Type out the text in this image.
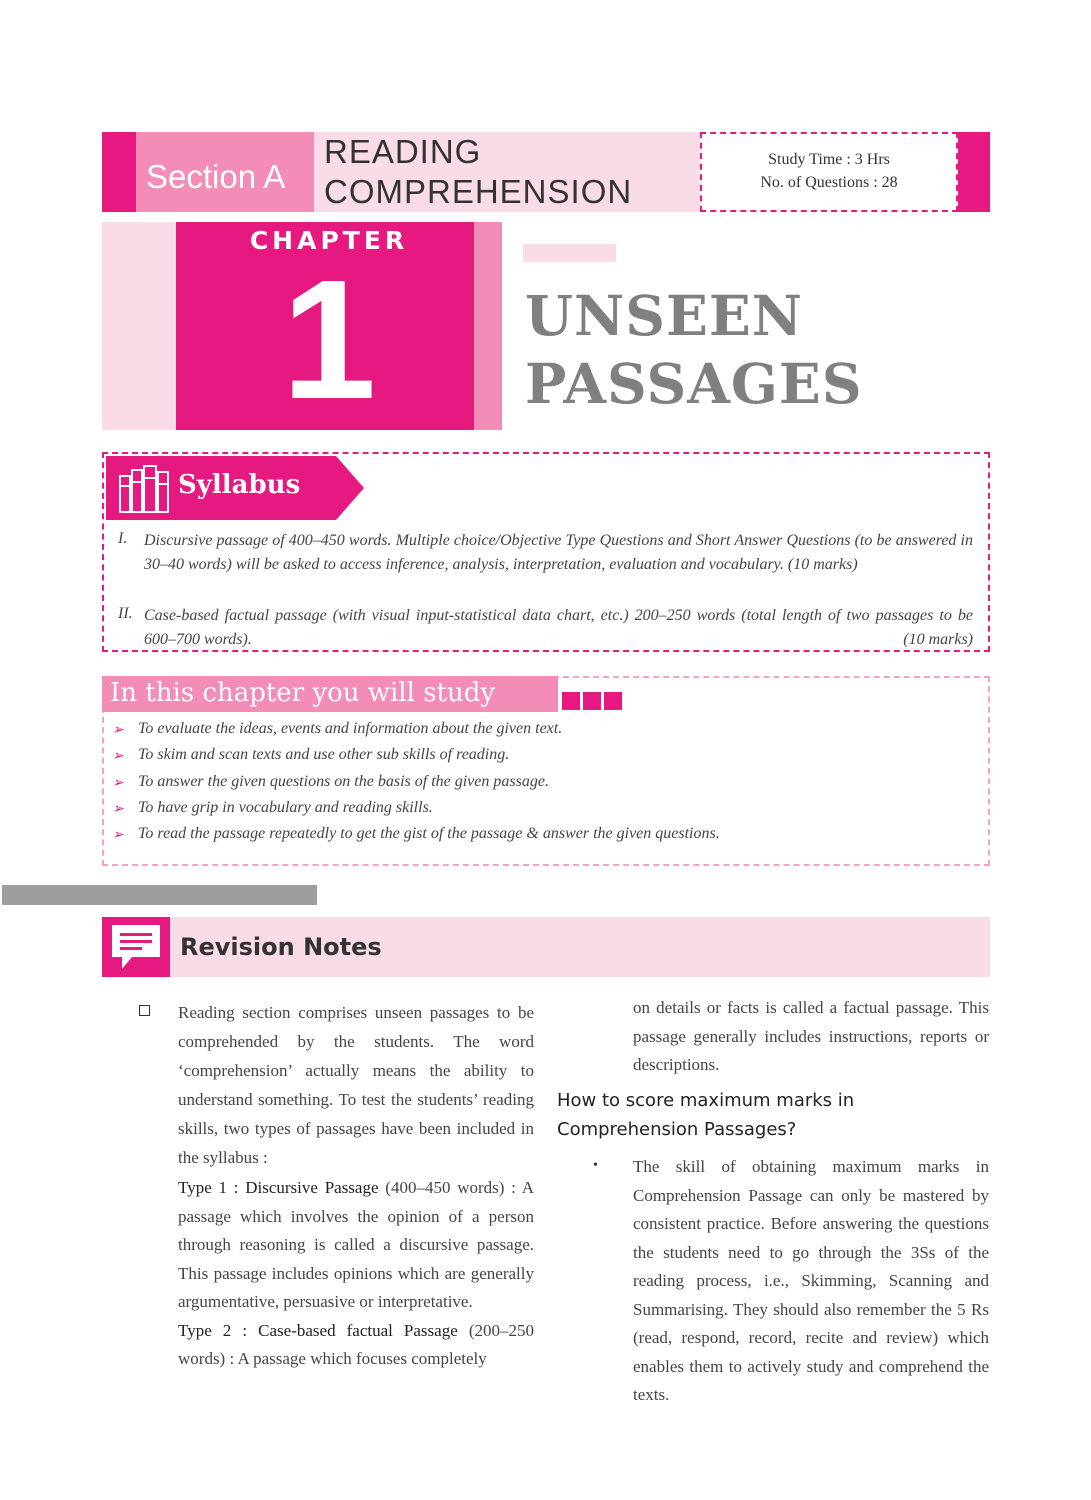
Section A
READING
COMPREHENSION
Study Time : 3 Hrs
No. of Questions : 28
CHAPTER
1	UNSEEN
PASSAGES
Syllabus
I. Discursive passage of 400–450 words. Multiple choice/Objective Type Questions and Short Answer Questions (to be answered in 30–40 words) will be asked to access inference, analysis, interpretation, evaluation and vocabulary. (10 marks)
II. Case-based factual passage (with visual input-statistical data chart, etc.) 200–250 words (total length of two passages to be 600–700 words).	(10 marks)
In this chapter you will study
➢ To evaluate the ideas, events and information about the given text.
➢ To skim and scan texts and use other sub skills of reading.
➢ To answer the given questions on the basis of the given passage.
➢ To have grip in vocabulary and reading skills.
➢ To read the passage repeatedly to get the gist of the passage & answer the given questions.
Revision Notes

Reading section comprises unseen passages to be comprehended by the students. The word ‘comprehension’ actually means the ability to understand something. To test the students’ reading skills, two types of passages have been included in the syllabus :

Type 1 : Discursive Passage (400–450 words) : A passage which involves the opinion of a person through reasoning is called a discursive passage. This passage includes opinions which are generally argumentative, persuasive or interpretative.

Type 2 : Case-based factual Passage (200–250 words) : A passage which focuses completely

on details or facts is called a factual passage. This passage generally includes instructions, reports or descriptions.
How to score maximum marks in Comprehension Passages?
• The skill of obtaining maximum marks in Comprehension Passage can only be mastered by consistent practice. Before answering the questions the students need to go through the 3Ss of the reading process, i.e., Skimming, Scanning and Summarising. They should also remember the 5 Rs (read, respond, record, recite and review) which enables them to actively study and comprehend the texts.
